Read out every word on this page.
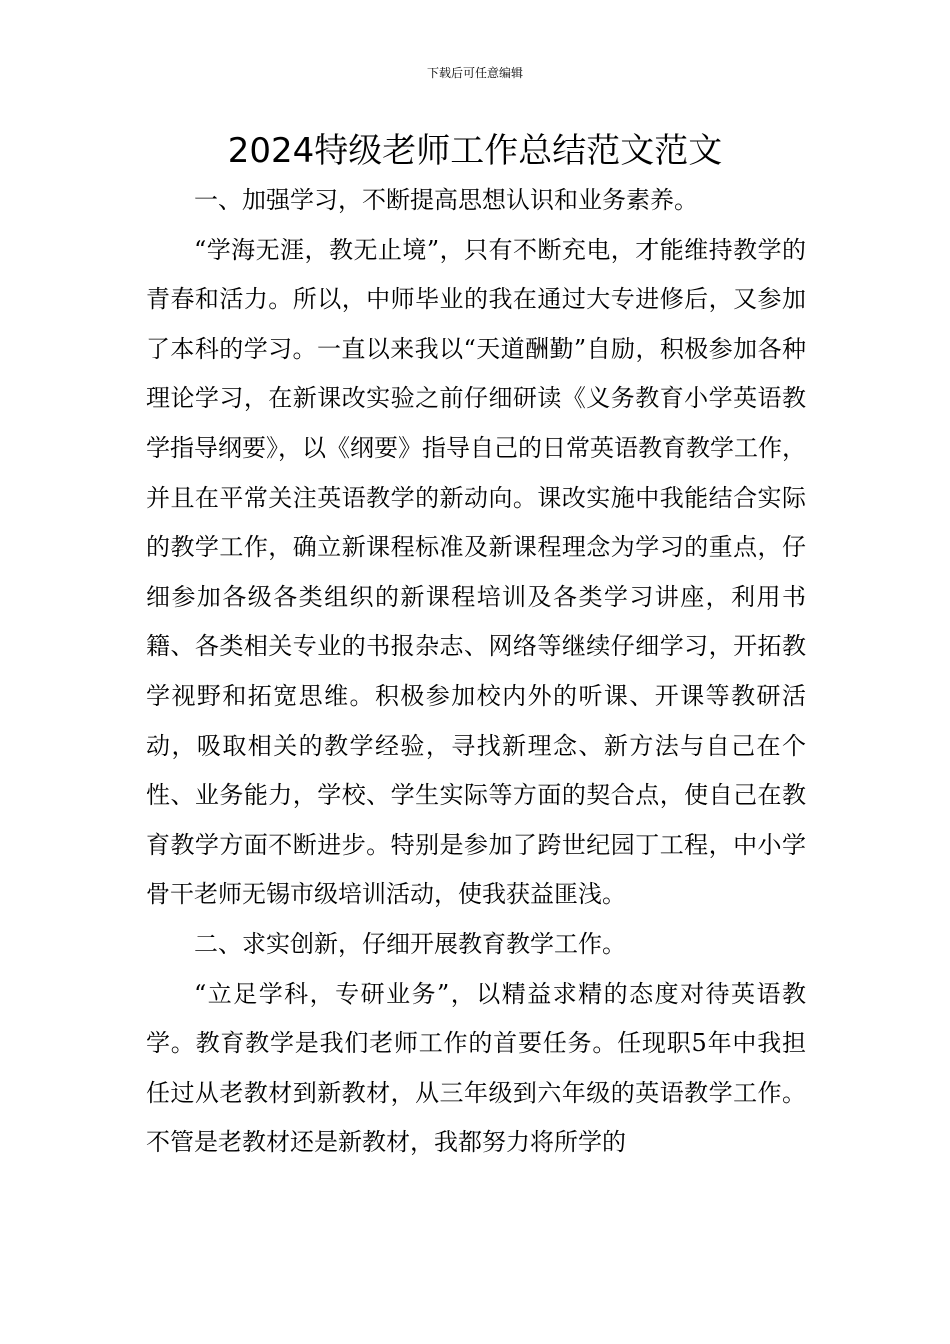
下载后可任意编辑
2024特级老师工作总结范文范文

一、加强学习，不断提高思想认识和业务素养。

“学海无涯，教无止境”，只有不断充电，才能维持教学的青春和活力。所以，中师毕业的我在通过大专进修后，又参加了本科的学习。一直以来我以“天道酬勤”自励，积极参加各种理论学习，在新课改实验之前仔细研读《义务教育小学英语教学指导纲要》，以《纲要》指导自己的日常英语教育教学工作，并且在平常关注英语教学的新动向。课改实施中我能结合实际的教学工作，确立新课程标准及新课程理念为学习的重点，仔细参加各级各类组织的新课程培训及各类学习讲座，利用书籍、各类相关专业的书报杂志、网络等继续仔细学习，开拓教学视野和拓宽思维。积极参加校内外的听课、开课等教研活动，吸取相关的教学经验，寻找新理念、新方法与自己在个性、业务能力，学校、学生实际等方面的契合点，使自己在教育教学方面不断进步。特别是参加了跨世纪园丁工程，中小学骨干老师无锡市级培训活动，使我获益匪浅。

二、求实创新，仔细开展教育教学工作。

“立足学科，专研业务”，以精益求精的态度对待英语教学。教育教学是我们老师工作的首要任务。任现职5年中我担任过从老教材到新教材，从三年级到六年级的英语教学工作。不管是老教材还是新教材，我都努力将所学的
